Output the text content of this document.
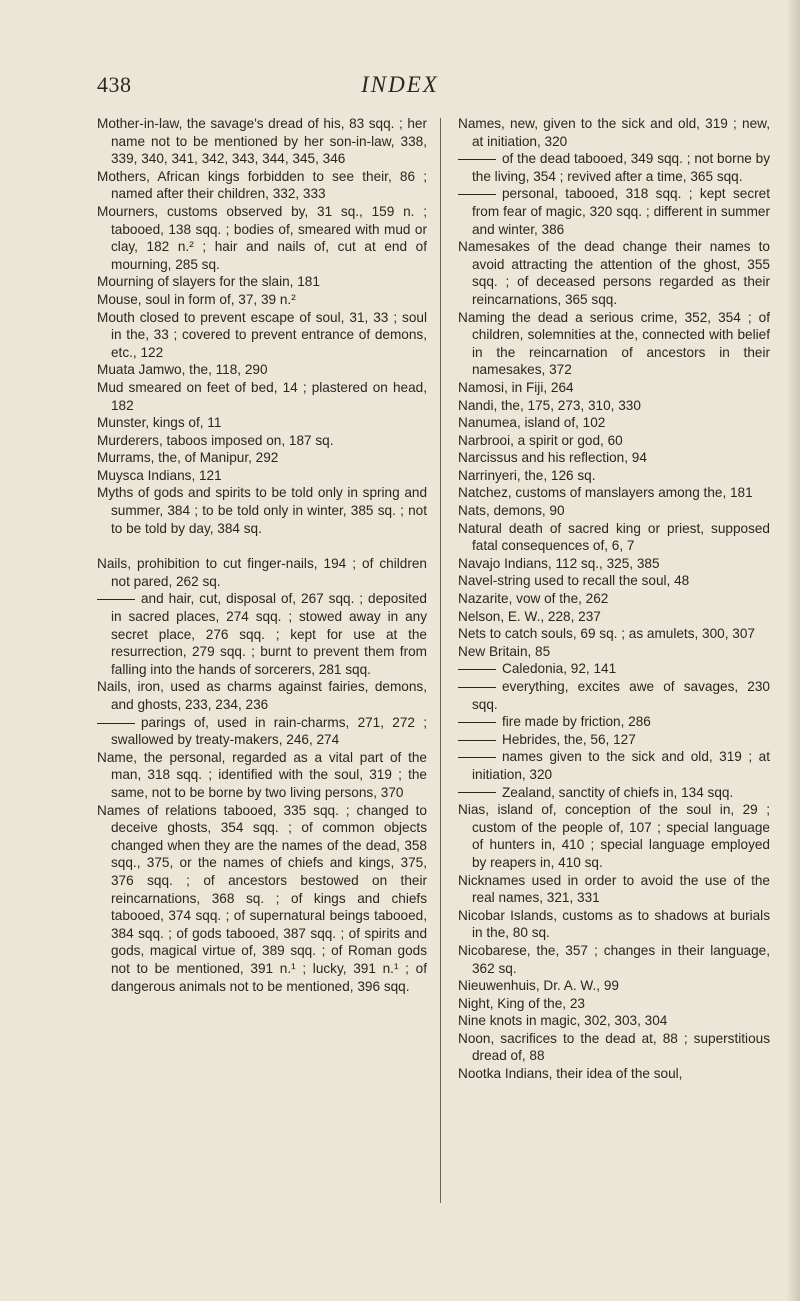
438	INDEX

Mother-in-law, the savage's dread of his, 83 sqq. ; her name not to be mentioned by her son-in-law, 338, 339, 340, 341, 342, 343, 344, 345, 346

Mothers, African kings forbidden to see their, 86 ; named after their children, 332, 333

Mourners, customs observed by, 31 sq., 159 n. ; tabooed, 138 sqq. ; bodies of, smeared with mud or clay, 182 n.² ; hair and nails of, cut at end of mourning, 285 sq.

Mourning of slayers for the slain, 181

Mouse, soul in form of, 37, 39 n.²

Mouth closed to prevent escape of soul, 31, 33 ; soul in the, 33 ; covered to prevent entrance of demons, etc., 122

Muata Jamwo, the, 118, 290

Mud smeared on feet of bed, 14 ; plastered on head, 182

Munster, kings of, 11

Murderers, taboos imposed on, 187 sq.

Murrams, the, of Manipur, 292

Muysca Indians, 121

Myths of gods and spirits to be told only in spring and summer, 384 ; to be told only in winter, 385 sq. ; not to be told by day, 384 sq.

Nails, prohibition to cut finger-nails, 194 ; of children not pared, 262 sq.

and hair, cut, disposal of, 267 sqq. ; deposited in sacred places, 274 sqq. ; stowed away in any secret place, 276 sqq. ; kept for use at the resurrection, 279 sqq. ; burnt to prevent them from falling into the hands of sorcerers, 281 sqq.

Nails, iron, used as charms against fairies, demons, and ghosts, 233, 234, 236

parings of, used in rain-charms, 271, 272 ; swallowed by treaty-makers, 246, 274

Name, the personal, regarded as a vital part of the man, 318 sqq. ; identified with the soul, 319 ; the same, not to be borne by two living persons, 370

Names of relations tabooed, 335 sqq. ; changed to deceive ghosts, 354 sqq. ; of common objects changed when they are the names of the dead, 358 sqq., 375, or the names of chiefs and kings, 375, 376 sqq. ; of ancestors bestowed on their reincarnations, 368 sq. ; of kings and chiefs tabooed, 374 sqq. ; of supernatural beings tabooed, 384 sqq. ; of gods tabooed, 387 sqq. ; of spirits and gods, magical virtue of, 389 sqq. ; of Roman gods not to be mentioned, 391 n.¹ ; lucky, 391 n.¹ ; of dangerous animals not to be mentioned, 396 sqq.

Names, new, given to the sick and old, 319 ; new, at initiation, 320

of the dead tabooed, 349 sqq. ; not borne by the living, 354 ; revived after a time, 365 sqq.

personal, tabooed, 318 sqq. ; kept secret from fear of magic, 320 sqq. ; different in summer and winter, 386

Namesakes of the dead change their names to avoid attracting the attention of the ghost, 355 sqq. ; of deceased persons regarded as their reincarnations, 365 sqq.

Naming the dead a serious crime, 352, 354 ; of children, solemnities at the, connected with belief in the reincarnation of ancestors in their namesakes, 372

Namosi, in Fiji, 264

Nandi, the, 175, 273, 310, 330

Nanumea, island of, 102

Narbrooi, a spirit or god, 60

Narcissus and his reflection, 94

Narrinyeri, the, 126 sq.

Natchez, customs of manslayers among the, 181

Nats, demons, 90

Natural death of sacred king or priest, supposed fatal consequences of, 6, 7

Navajo Indians, 112 sq., 325, 385

Navel-string used to recall the soul, 48

Nazarite, vow of the, 262

Nelson, E. W., 228, 237

Nets to catch souls, 69 sq. ; as amulets, 300, 307

New Britain, 85

Caledonia, 92, 141

everything, excites awe of savages, 230 sqq.

fire made by friction, 286

Hebrides, the, 56, 127

names given to the sick and old, 319 ; at initiation, 320

Zealand, sanctity of chiefs in, 134 sqq.

Nias, island of, conception of the soul in, 29 ; custom of the people of, 107 ; special language of hunters in, 410 ; special language employed by reapers in, 410 sq.

Nicknames used in order to avoid the use of the real names, 321, 331

Nicobar Islands, customs as to shadows at burials in the, 80 sq.

Nicobarese, the, 357 ; changes in their language, 362 sq.

Nieuwenhuis, Dr. A. W., 99

Night, King of the, 23

Nine knots in magic, 302, 303, 304

Noon, sacrifices to the dead at, 88 ; superstitious dread of, 88

Nootka Indians, their idea of the soul,
